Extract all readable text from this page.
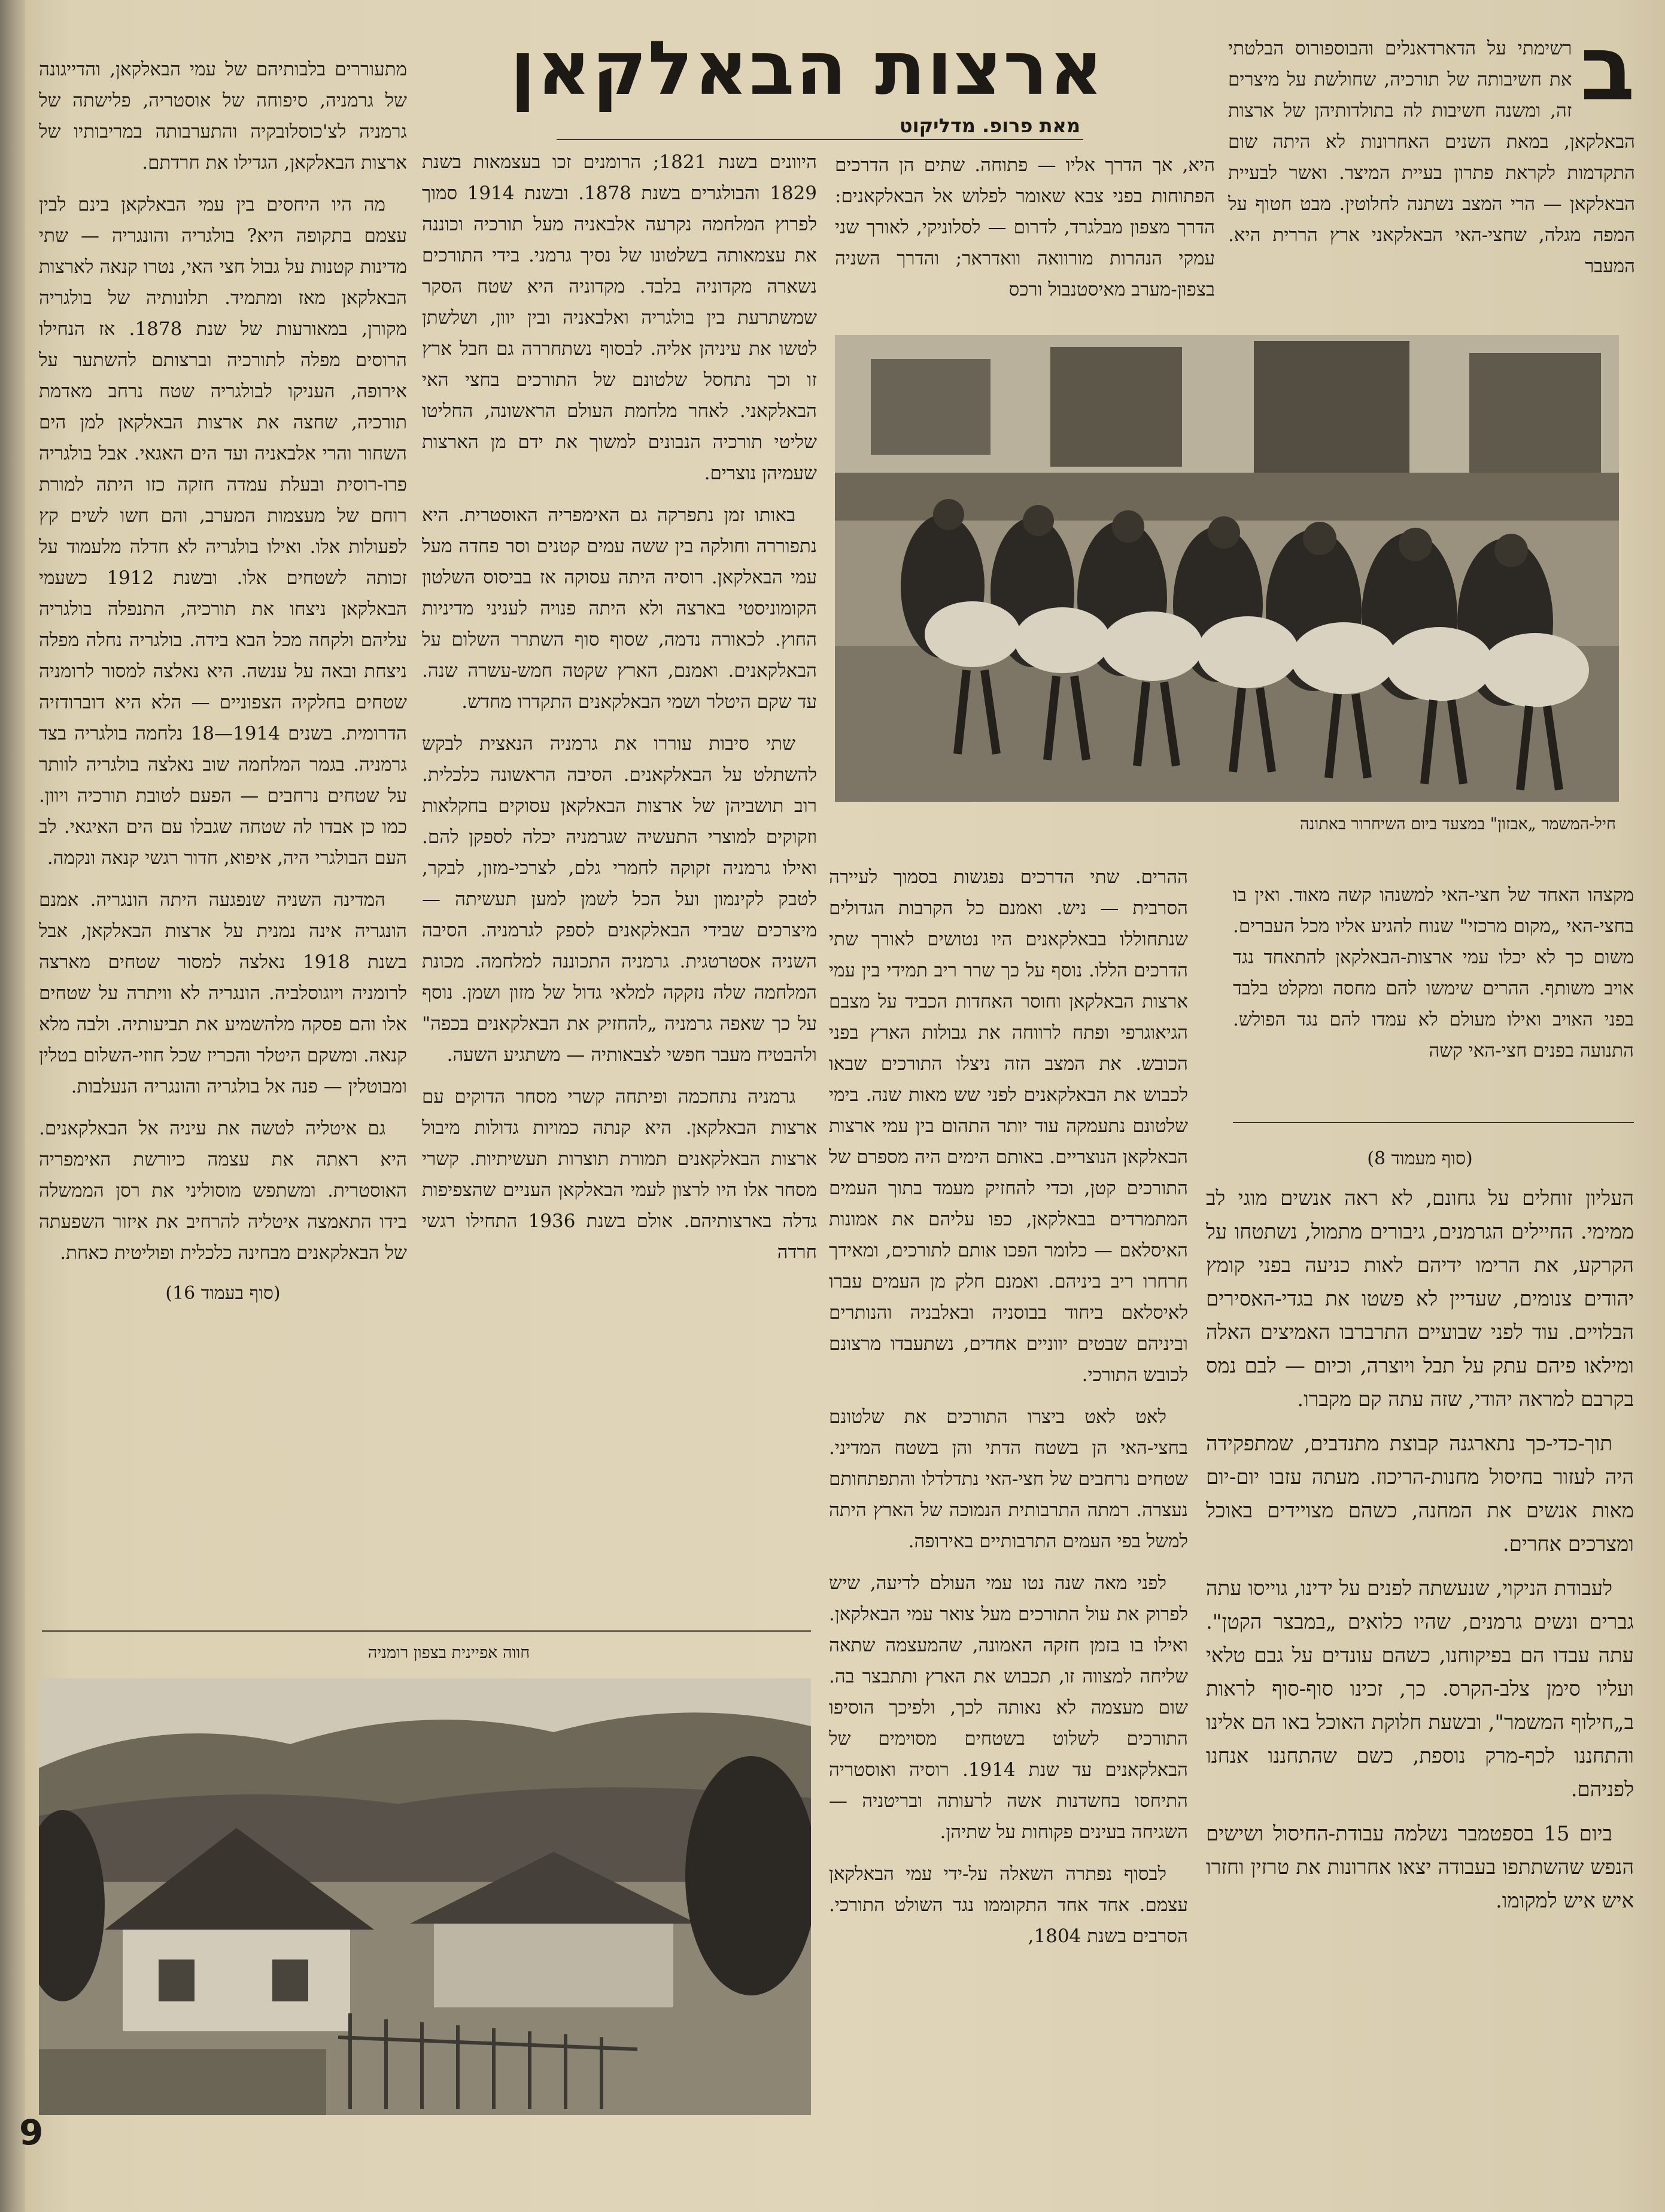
ארצות הבאלקאן
מאת פרופ. מדליקוט
ב

רשימתי על הדארדאנלים והבוספורוס הבלטתי את חשיבותה של תורכיה, שחולשת על מיצרים זה, ומשנה חשיבות לה בתולדותיהן של ארצות הבאלקאן, במאת השנים האחרונות לא היתה שום התקדמות לקראת פתרון בעיית המיצר. ואשר לבעיית הבאלקאן — הרי המצב נשתנה לחלוטין. מבט חטוף על המפה מגלה, שחצי-האי הבאלקאני ארץ הררית היא. המעבר

היא, אך הדרך אליו — פתוחה. שתים הן הדרכים הפתוחות בפני צבא שאומר לפלוש אל הבאלקאנים: הדרך מצפון מבלגרד, לדרום — לסלוניקי, לאורך שני עמקי הנהרות מורוואה וואדראר; והדרך השניה בצפון-מערב מאיסטנבול ורכס

חיל-המשמר „אבזון" במצעד ביום השיחרור באתונה

מקצהו האחד של חצי-האי למשנהו קשה מאוד. ואין בו בחצי-האי „מקום מרכזי" שנוח להגיע אליו מכל העברים. משום כך לא יכלו עמי ארצות-הבאלקאן להתאחד נגד אויב משותף. ההרים שימשו להם מחסה ומקלט בלבד בפני האויב ואילו מעולם לא עמדו להם נגד הפולש. התנועה בפנים חצי-האי קשה

(סוף מעמוד 8)

העליון זוחלים על גחונם, לא ראה אנשים מוגי לב ממימי. החיילים הגרמנים, גיבורים מתמול, נשתטחו על הקרקע, את הרימו ידיהם לאות כניעה בפני קומץ יהודים צנומים, שעדיין לא פשטו את בגדי-האסירים הבלויים. עוד לפני שבועיים התרברבו האמיצים האלה ומילאו פיהם עתק על תבל ויוצרה, וכיום — לבם נמס בקרבם למראה יהודי, שזה עתה קם מקברו.

תוך-כדי-כך נתארגנה קבוצת מתנדבים, שמתפקידה היה לעזור בחיסול מחנות-הריכוז. מעתה עזבו יום-יום מאות אנשים את המחנה, כשהם מצויידים באוכל ומצרכים אחרים.

לעבודת הניקוי, שנעשתה לפנים על ידינו, גוייסו עתה גברים ונשים גרמנים, שהיו כלואים „במבצר הקטן". עתה עבדו הם בפיקוחנו, כשהם עונדים על גבם טלאי ועליו סימן צלב-הקרס. כך, זכינו סוף-סוף לראות ב„חילוף המשמר", ובשעת חלוקת האוכל באו הם אלינו והתחננו לכף-מרק נוספת, כשם שהתחננו אנחנו לפניהם.

ביום 15 בספטמבר נשלמה עבודת-החיסול ושישים הנפש שהשתתפו בעבודה יצאו אחרונות את טרזין וחזרו איש איש למקומו.

ההרים. שתי הדרכים נפגשות בסמוך לעיירה הסרבית — ניש. ואמנם כל הקרבות הגדולים שנתחוללו בבאלקאנים היו נטושים לאורך שתי הדרכים הללו. נוסף על כך שרר ריב תמידי בין עמי ארצות הבאלקאן וחוסר האחדות הכביד על מצבם הגיאוגרפי ופתח לרווחה את גבולות הארץ בפני הכובש. את המצב הזה ניצלו התורכים שבאו לכבוש את הבאלקאנים לפני שש מאות שנה. בימי שלטונם נתעמקה עוד יותר התהום בין עמי ארצות הבאלקאן הנוצריים. באותם הימים היה מספרם של התורכים קטן, וכדי להחזיק מעמד בתוך העמים המתמרדים בבאלקאן, כפו עליהם את אמונות האיסלאם — כלומר הפכו אותם לתורכים, ומאידך חרחרו ריב ביניהם. ואמנם חלק מן העמים עברו לאיסלאם ביחוד בבוסניה ובאלבניה והנותרים וביניהם שבטים יווניים אחדים, נשתעבדו מרצונם לכובש התורכי.

לאט לאט ביצרו התורכים את שלטונם בחצי-האי הן בשטח הדתי והן בשטח המדיני. שטחים נרחבים של חצי-האי נתדלדלו והתפתחותם נעצרה. רמתה התרבותית הנמוכה של הארץ היתה למשל בפי העמים התרבותיים באירופה.

לפני מאה שנה נטו עמי העולם לדיעה, שיש לפרוק את עול התורכים מעל צואר עמי הבאלקאן. ואילו בו בזמן חזקה האמונה, שהמעצמה שתאה שליחה למצווה זו, תכבוש את הארץ ותתבצר בה. שום מעצמה לא נאותה לכך, ולפיכך הוסיפו התורכים לשלוט בשטחים מסוימים של הבאלקאנים עד שנת 1914. רוסיה ואוסטריה התיחסו בחשדנות אשה לרעותה ובריטניה — השגיחה בעינים פקוחות על שתיהן.

לבסוף נפתרה השאלה על-ידי עמי הבאלקאן עצמם. אחד אחד התקוממו נגד השולט התורכי. הסרבים בשנת 1804,

היוונים בשנת 1821; הרומנים זכו בעצמאות בשנת 1829 והבולגרים בשנת 1878. ובשנת 1914 סמוך לפרוץ המלחמה נקרעה אלבאניה מעל תורכיה וכוננה את עצמאותה בשלטונו של נסיך גרמני. בידי התורכים נשארה מקדוניה בלבד. מקדוניה היא שטח הסקר שמשתרעת בין בולגריה ואלבאניה ובין יוון, ושלשתן לטשו את עיניהן אליה. לבסוף נשתחררה גם חבל ארץ זו וכך נתחסל שלטונם של התורכים בחצי האי הבאלקאני. לאחר מלחמת העולם הראשונה, החליטו שליטי תורכיה הנבונים למשוך את ידם מן הארצות שעמיהן נוצרים.

באותו זמן נתפרקה גם האימפריה האוסטרית. היא נתפוררה וחולקה בין ששה עמים קטנים וסר פחדה מעל עמי הבאלקאן. רוסיה היתה עסוקה אז בביסוס השלטון הקומוניסטי בארצה ולא היתה פנויה לעניני מדיניות החוץ. לכאורה נדמה, שסוף סוף השתרר השלום על הבאלקאנים. ואמנם, הארץ שקטה חמש-עשרה שנה. עד שקם היטלר ושמי הבאלקאנים התקדרו מחדש.

שתי סיבות עוררו את גרמניה הנאצית לבקש להשתלט על הבאלקאנים. הסיבה הראשונה כלכלית. רוב תושביהן של ארצות הבאלקאן עסוקים בחקלאות וזקוקים למוצרי התעשיה שגרמניה יכלה לספקן להם. ואילו גרמניה זקוקה לחמרי גלם, לצרכי-מזון, לבקר, לטבק לקינמון ועל הכל לשמן למען תעשיתה — מיצרכים שבידי הבאלקאנים לספק לגרמניה. הסיבה השניה אסטרטגית. גרמניה התכוננה למלחמה. מכונת המלחמה שלה נזקקה למלאי גדול של מזון ושמן. נוסף על כך שאפה גרמניה „להחזיק את הבאלקאנים בכפה" ולהבטיח מעבר חפשי לצבאותיה — משתגיע השעה.

גרמניה נתחכמה ופיתחה קשרי מסחר הדוקים עם ארצות הבאלקאן. היא קנתה כמויות גדולות מיבול ארצות הבאלקאנים תמורת תוצרות תעשיתיות. קשרי מסחר אלו היו לרצון לעמי הבאלקאן העניים שהצפיפות גדלה בארצותיהם. אולם בשנת 1936 התחילו רגשי חרדה

מתעוררים בלבותיהם של עמי הבאלקאן, והדייגונה של גרמניה, סיפוחה של אוסטריה, פלישתה של גרמניה לצ'כוסלובקיה והתערבותה במריבותיו של ארצות הבאלקאן, הגדילו את חרדתם.

מה היו היחסים בין עמי הבאלקאן בינם לבין עצמם בתקופה היא? בולגריה והונגריה — שתי מדינות קטנות על גבול חצי האי, נטרו קנאה לארצות הבאלקאן מאז ומתמיד. תלונותיה של בולגריה מקורן, במאורעות של שנת 1878. אז הנחילו הרוסים מפלה לתורכיה וברצותם להשתער על אירופה, העניקו לבולגריה שטח נרחב מאדמת תורכיה, שחצה את ארצות הבאלקאן למן הים השחור והרי אלבאניה ועד הים האגאי. אבל בולגריה פרו-רוסית ובעלת עמדה חזקה כזו היתה למורת רוחם של מעצמות המערב, והם חשו לשים קץ לפעולות אלו. ואילו בולגריה לא חדלה מלעמוד על זכותה לשטחים אלו. ובשנת 1912 כשעמי הבאלקאן ניצחו את תורכיה, התנפלה בולגריה עליהם ולקחה מכל הבא בידה. בולגריה נחלה מפלה ניצחת ובאה על ענשה. היא נאלצה למסור לרומניה שטחים בחלקיה הצפוניים — הלא היא דוברודזיה הדרומית. בשנים 1914—18 נלחמה בולגריה בצד גרמניה. בגמר המלחמה שוב נאלצה בולגריה לוותר על שטחים נרחבים — הפעם לטובת תורכיה ויוון. כמו כן אבדו לה שטחה שגבלו עם הים האיגאי. לב העם הבולגרי היה, איפוא, חדור רגשי קנאה ונקמה.

המדינה השניה שנפגעה היתה הונגריה. אמנם הונגריה אינה נמנית על ארצות הבאלקאן, אבל בשנת 1918 נאלצה למסור שטחים מארצה לרומניה ויוגוסלביה. הונגריה לא וויתרה על שטחים אלו והם פסקה מלהשמיע את תביעותיה. ולבה מלא קנאה. ומשקם היטלר והכריז שכל חוזי-השלום בטלין ומבוטלין — פנה אל בולגריה והונגריה הנעלבות.

גם איטליה לטשה את עיניה אל הבאלקאנים. היא ראתה את עצמה כיורשת האימפריה האוסטרית. ומשתפש מוסוליני את רסן הממשלה בידו התאמצה איטליה להרחיב את איזור השפעתה של הבאלקאנים מבחינה כלכלית ופוליטית כאחת.

(סוף בעמוד 16)
חווה אפיינית בצפון רומניה
9
